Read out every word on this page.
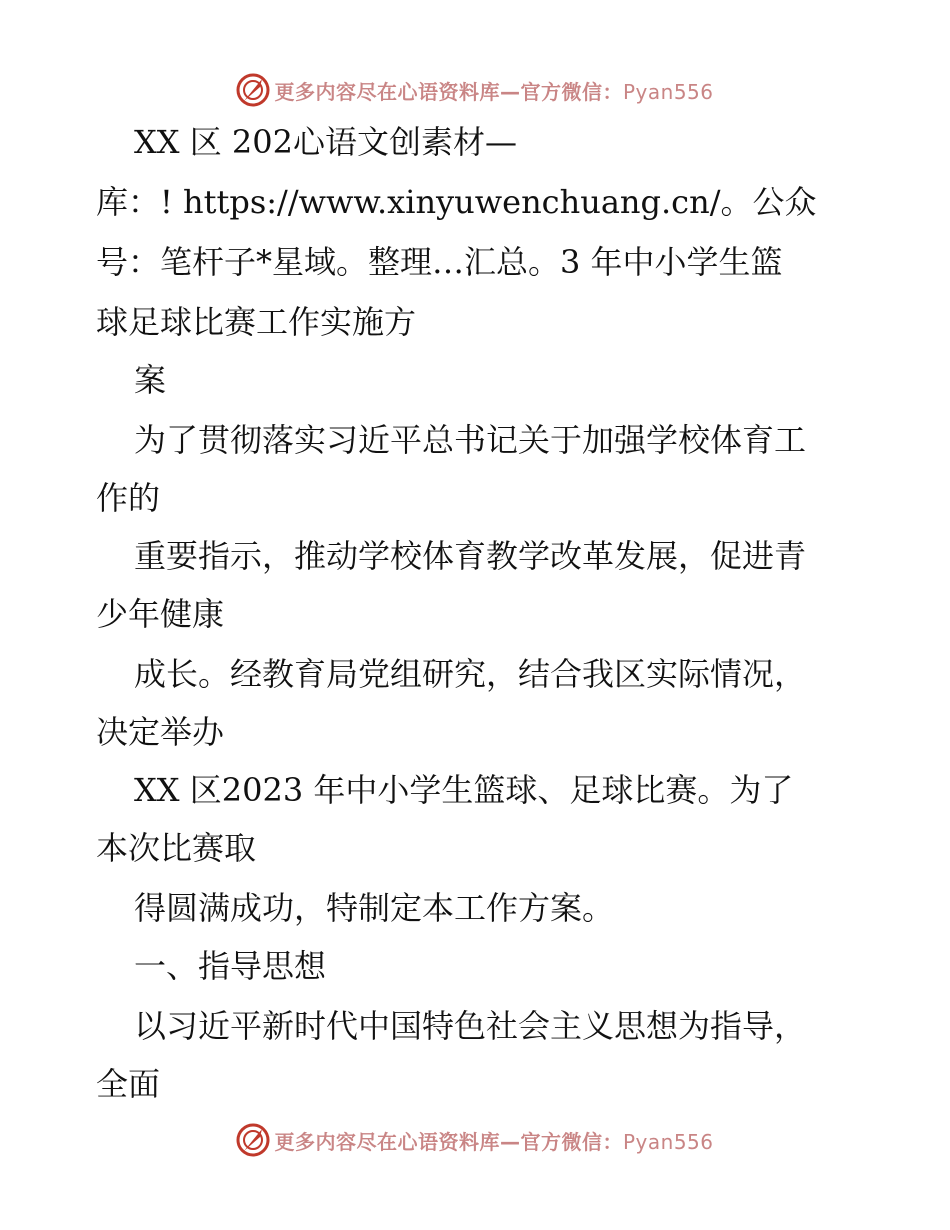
更多内容尽在心语资料库—官方微信：Pyan556
XX 区 202心语文创素材—
库：! https://www.xinyuwenchuang.cn/。公众
号：笔杆子*星域。整理…汇总。3 年中小学生篮
球足球比赛工作实施方
案
为了贯彻落实习近平总书记关于加强学校体育工
作的
重要指示，推动学校体育教学改革发展，促进青
少年健康
成长。经教育局党组研究，结合我区实际情况，
决定举办
XX 区2023 年中小学生篮球、足球比赛。为了
本次比赛取
得圆满成功，特制定本工作方案。
一、指导思想
以习近平新时代中国特色社会主义思想为指导，
全面
更多内容尽在心语资料库—官方微信：Pyan556
